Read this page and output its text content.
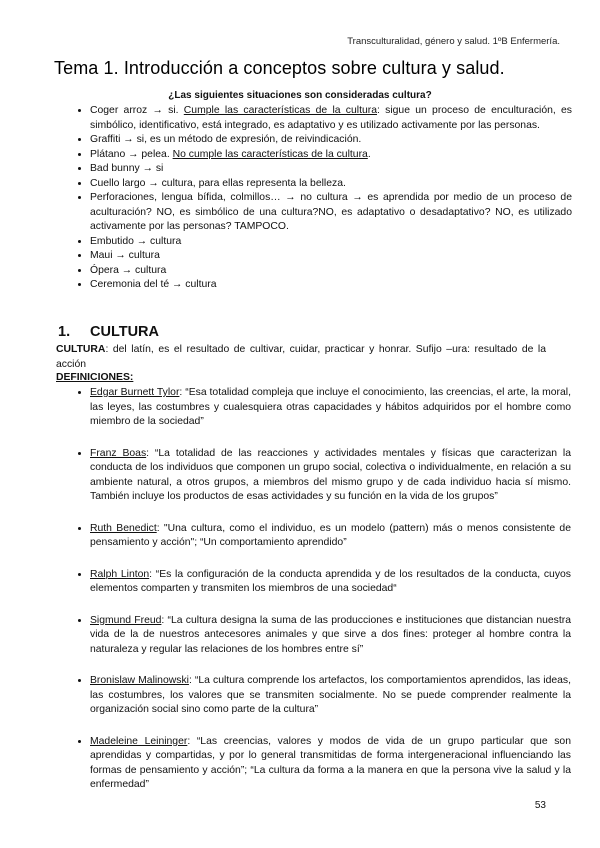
Transculturalidad, género y salud. 1ºB Enfermería.
Tema 1. Introducción a conceptos sobre cultura y salud.
¿Las siguientes situaciones son consideradas cultura?
• Coger arroz → si. Cumple las características de la cultura: sigue un proceso de enculturación, es simbólico, identificativo, está integrado, es adaptativo y es utilizado activamente por las personas.
• Graffiti → si, es un método de expresión, de reivindicación.
• Plátano → pelea. No cumple las características de la cultura.
• Bad bunny → si
• Cuello largo → cultura, para ellas representa la belleza.
• Perforaciones, lengua bífida, colmillos… → no cultura → es aprendida por medio de un proceso de aculturación? NO, es simbólico de una cultura?NO, es adaptativo o desadaptativo? NO, es utilizado activamente por las personas? TAMPOCO.
• Embutido → cultura
• Maui → cultura
• Ópera → cultura
• Ceremonia del té → cultura
1. CULTURA

CULTURA: del latín, es el resultado de cultivar, cuidar, practicar y honrar. Sufijo –ura: resultado de la acción

DEFINICIONES:

• Edgar Burnett Tylor: “Esa totalidad compleja que incluye el conocimiento, las creencias, el arte, la moral, las leyes, las costumbres y cualesquiera otras capacidades y hábitos adquiridos por el hombre como miembro de la sociedad”
• Franz Boas: “La totalidad de las reacciones y actividades mentales y físicas que caracterizan la conducta de los individuos que componen un grupo social, colectiva o individualmente, en relación a su ambiente natural, a otros grupos, a miembros del mismo grupo y de cada individuo hacia sí mismo. También incluye los productos de esas actividades y su función en la vida de los grupos”
• Ruth Benedict: "Una cultura, como el individuo, es un modelo (pattern) más o menos consistente de pensamiento y acción"; “Un comportamiento aprendido”
• Ralph Linton: “Es la configuración de la conducta aprendida y de los resultados de la conducta, cuyos elementos comparten y transmiten los miembros de una sociedad“
• Sigmund Freud: “La cultura designa la suma de las producciones e instituciones que distancian nuestra vida de la de nuestros antecesores animales y que sirve a dos fines: proteger al hombre contra la naturaleza y regular las relaciones de los hombres entre sí”
• Bronislaw Malinowski: “La cultura comprende los artefactos, los comportamientos aprendidos, las ideas, las costumbres, los valores que se transmiten socialmente. No se puede comprender realmente la organización social sino como parte de la cultura”
• Madeleine Leininger: “Las creencias, valores y modos de vida de un grupo particular que son aprendidas y compartidas, y por lo general transmitidas de forma intergeneracional influenciando las formas de pensamiento y acción”; “La cultura da forma a la manera en que la persona vive la salud y la enfermedad”
53
